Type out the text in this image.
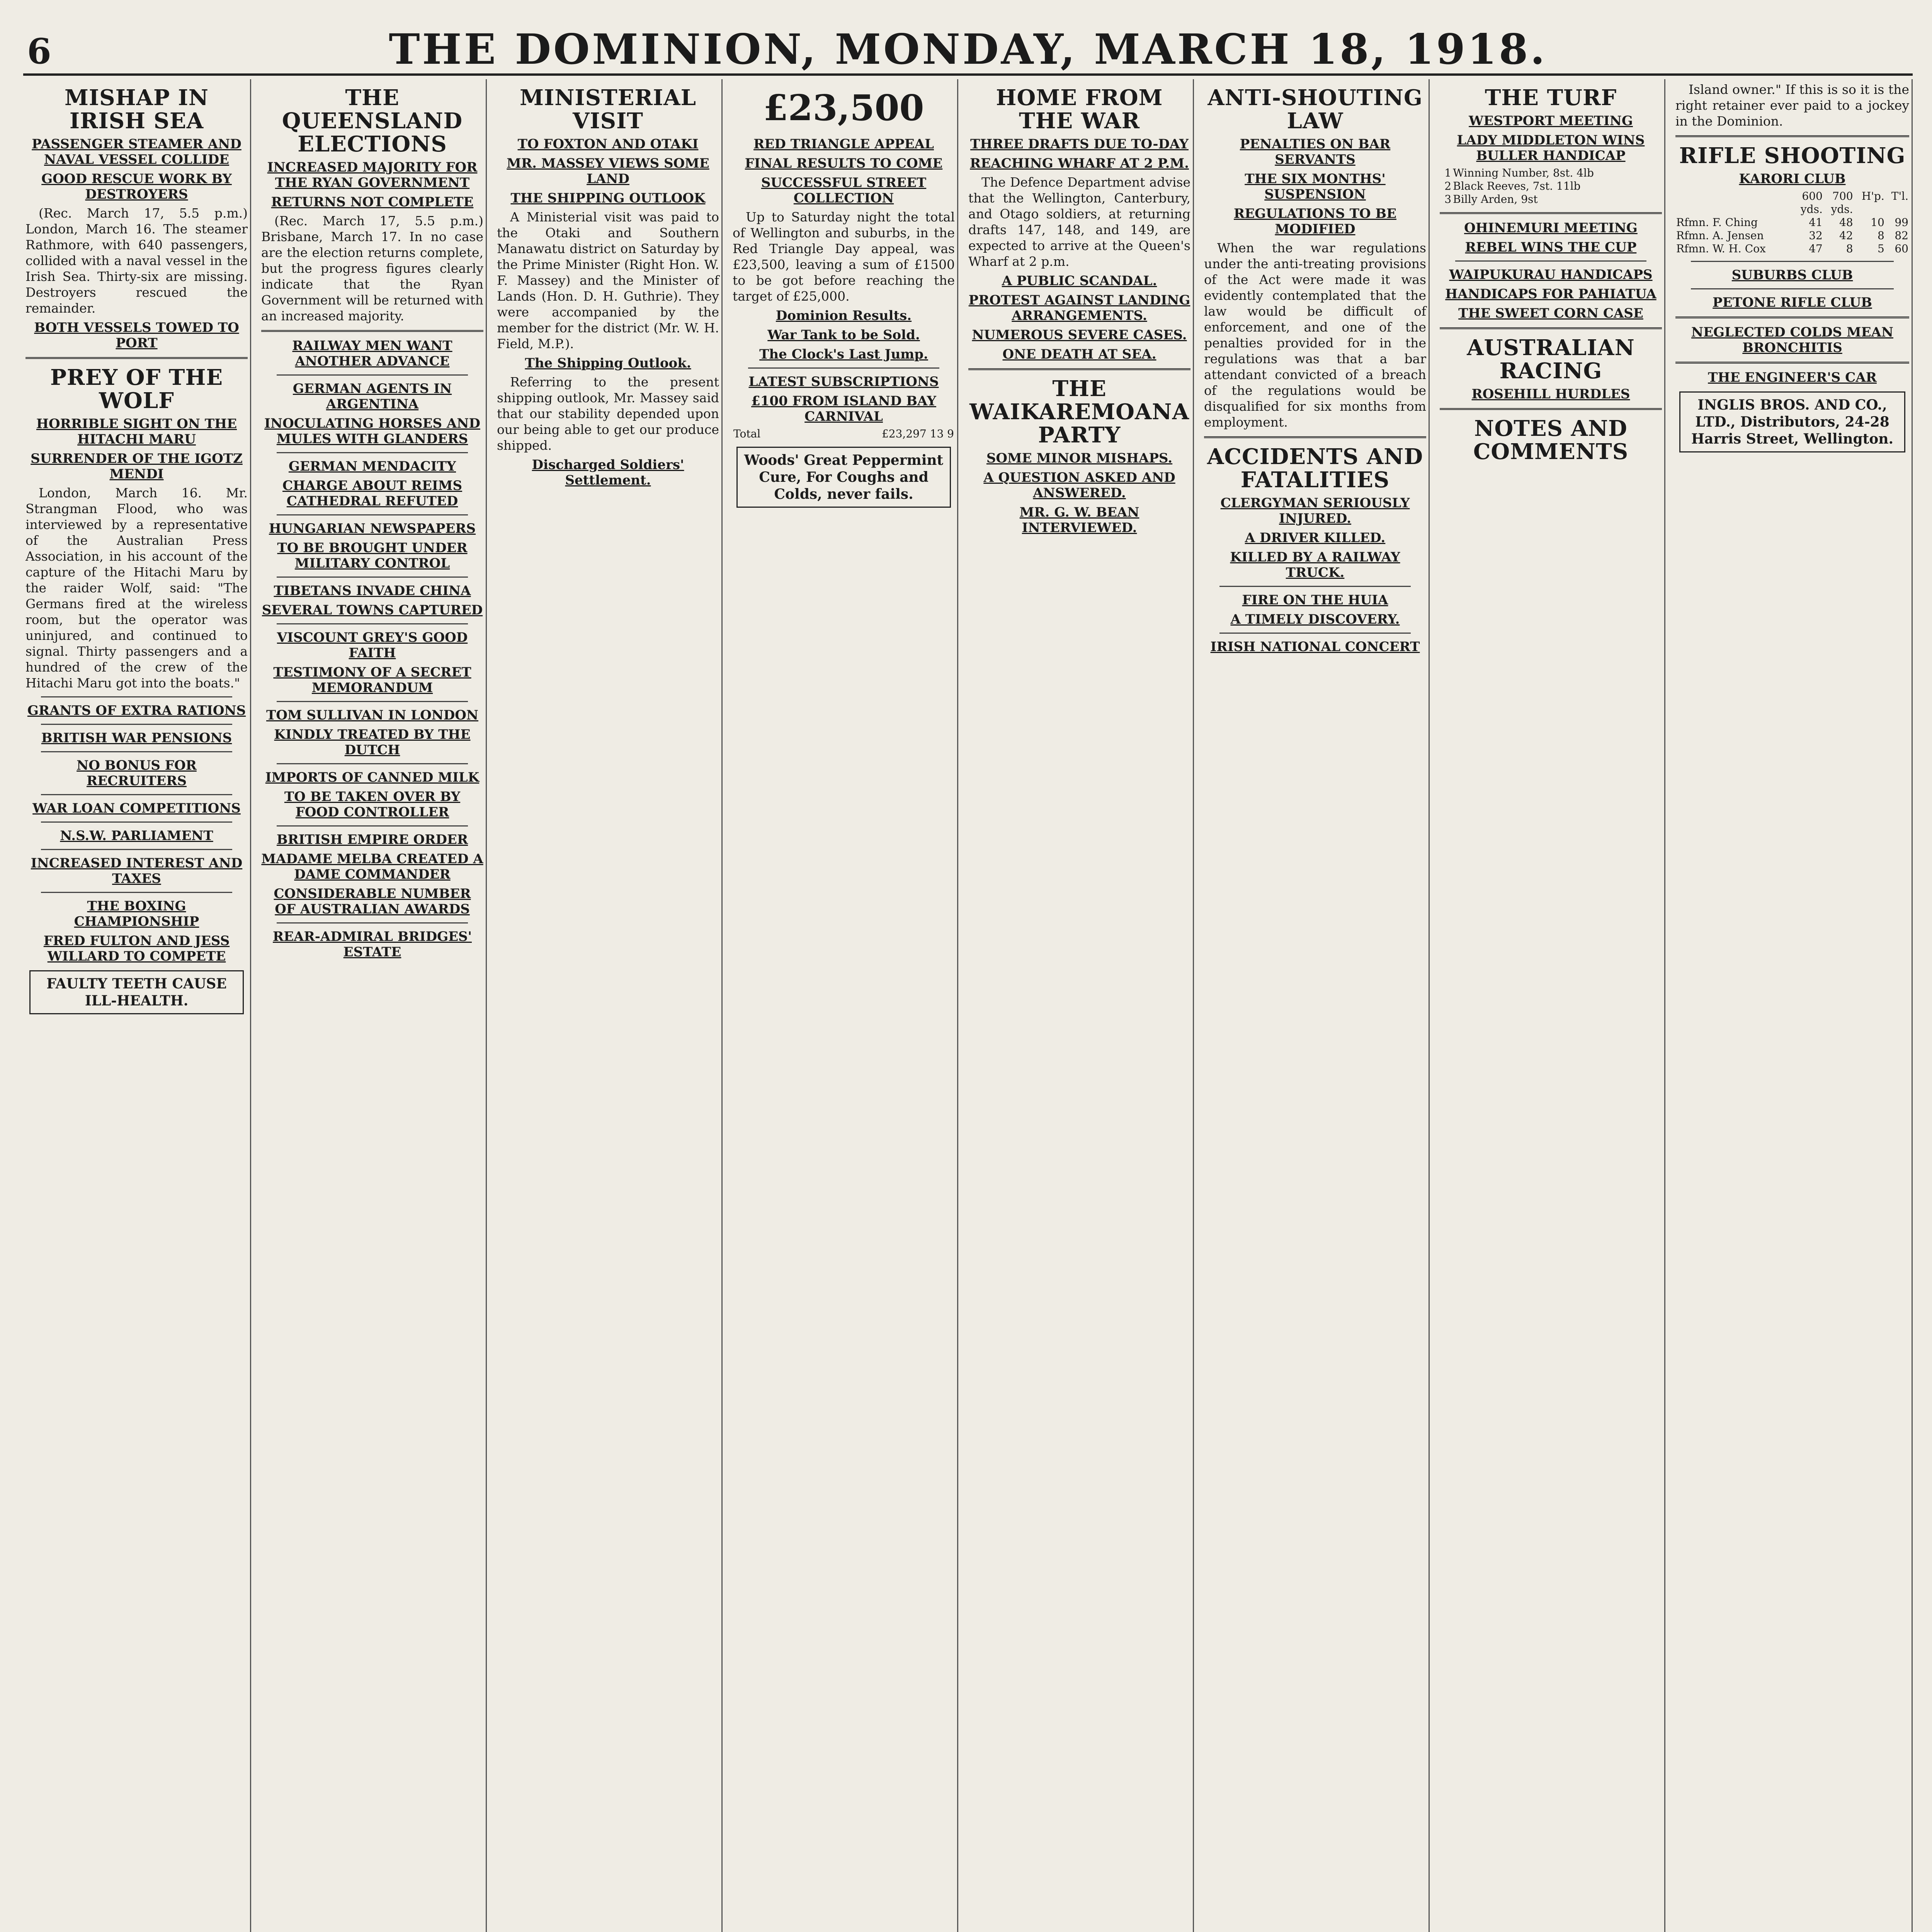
6	THE DOMINION, MONDAY, MARCH 18, 1918.
MISHAP IN IRISH SEA
PASSENGER STEAMER AND NAVAL VESSEL COLLIDE
GOOD RESCUE WORK BY DESTROYERS

(Rec. March 17, 5.5 p.m.) London, March 16. The steamer Rathmore, with 640 passengers, collided with a naval vessel in the Irish Sea. Thirty-six are missing. Destroyers rescued the remainder.

BOTH VESSELS TOWED TO PORT
PREY OF THE WOLF
HORRIBLE SIGHT ON THE HITACHI MARU
SURRENDER OF THE IGOTZ MENDI

London, March 16. Mr. Strangman Flood, who was interviewed by a representative of the Australian Press Association, in his account of the capture of the Hitachi Maru by the raider Wolf, said: "The Germans fired at the wireless room, but the operator was uninjured, and continued to signal. Thirty passengers and a hundred of the crew of the Hitachi Maru got into the boats."

GRANTS OF EXTRA RATIONS
BRITISH WAR PENSIONS
NO BONUS FOR RECRUITERS
WAR LOAN COMPETITIONS
N.S.W. PARLIAMENT
INCREASED INTEREST AND TAXES
THE BOXING CHAMPIONSHIP
FRED FULTON AND JESS WILLARD TO COMPETE
FAULTY TEETH CAUSE ILL-HEALTH.
THE QUEENSLAND ELECTIONS
INCREASED MAJORITY FOR THE RYAN GOVERNMENT
RETURNS NOT COMPLETE

(Rec. March 17, 5.5 p.m.) Brisbane, March 17. In no case are the election returns complete, but the progress figures clearly indicate that the Ryan Government will be returned with an increased majority.

RAILWAY MEN WANT ANOTHER ADVANCE
GERMAN AGENTS IN ARGENTINA
INOCULATING HORSES AND MULES WITH GLANDERS
GERMAN MENDACITY
CHARGE ABOUT REIMS CATHEDRAL REFUTED
HUNGARIAN NEWSPAPERS
TO BE BROUGHT UNDER MILITARY CONTROL
TIBETANS INVADE CHINA
SEVERAL TOWNS CAPTURED
VISCOUNT GREY'S GOOD FAITH
TESTIMONY OF A SECRET MEMORANDUM
TOM SULLIVAN IN LONDON
KINDLY TREATED BY THE DUTCH
IMPORTS OF CANNED MILK
TO BE TAKEN OVER BY FOOD CONTROLLER
BRITISH EMPIRE ORDER
MADAME MELBA CREATED A DAME COMMANDER
CONSIDERABLE NUMBER OF AUSTRALIAN AWARDS
REAR-ADMIRAL BRIDGES' ESTATE
MINISTERIAL VISIT
TO FOXTON AND OTAKI
MR. MASSEY VIEWS SOME LAND
THE SHIPPING OUTLOOK

A Ministerial visit was paid to the Otaki and Southern Manawatu district on Saturday by the Prime Minister (Right Hon. W. F. Massey) and the Minister of Lands (Hon. D. H. Guthrie). They were accompanied by the member for the district (Mr. W. H. Field, M.P.).

The Shipping Outlook.

Referring to the present shipping outlook, Mr. Massey said that our stability depended upon our being able to get our produce shipped.

Discharged Soldiers' Settlement.
£23,500
RED TRIANGLE APPEAL
FINAL RESULTS TO COME
SUCCESSFUL STREET COLLECTION

Up to Saturday night the total of Wellington and suburbs, in the Red Triangle Day appeal, was £23,500, leaving a sum of £1500 to be got before reaching the target of £25,000.

Dominion Results.
War Tank to be Sold.
The Clock's Last Jump.
LATEST SUBSCRIPTIONS
£100 FROM ISLAND BAY CARNIVAL
Total	£23,297 13 9
Woods' Great Peppermint Cure, For Coughs and Colds, never fails.
HOME FROM THE WAR
THREE DRAFTS DUE TO-DAY
REACHING WHARF AT 2 P.M.

The Defence Department advise that the Wellington, Canterbury, and Otago soldiers, at returning drafts 147, 148, and 149, are expected to arrive at the Queen's Wharf at 2 p.m.

A PUBLIC SCANDAL.
PROTEST AGAINST LANDING ARRANGEMENTS.
NUMEROUS SEVERE CASES.
ONE DEATH AT SEA.
THE WAIKAREMOANA PARTY
SOME MINOR MISHAPS.
A QUESTION ASKED AND ANSWERED.
MR. G. W. BEAN INTERVIEWED.
ANTI-SHOUTING LAW
PENALTIES ON BAR SERVANTS
THE SIX MONTHS' SUSPENSION
REGULATIONS TO BE MODIFIED

When the war regulations under the anti-treating provisions of the Act were made it was evidently contemplated that the law would be difficult of enforcement, and one of the penalties provided for in the regulations was that a bar attendant convicted of a breach of the regulations would be disqualified for six months from employment.

ACCIDENTS AND FATALITIES
CLERGYMAN SERIOUSLY INJURED.
A DRIVER KILLED.
KILLED BY A RAILWAY TRUCK.
FIRE ON THE HUIA
A TIMELY DISCOVERY.
IRISH NATIONAL CONCERT
THE TURF
WESTPORT MEETING
LADY MIDDLETON WINS BULLER HANDICAP
1	Winning Number, 8st. 4lb
2	Black Reeves, 7st. 11lb
3	Billy Arden, 9st
OHINEMURI MEETING
REBEL WINS THE CUP
WAIPUKURAU HANDICAPS
HANDICAPS FOR PAHIATUA
THE SWEET CORN CASE
AUSTRALIAN RACING
ROSEHILL HURDLES
NOTES AND COMMENTS

Island owner." If this is so it is the right retainer ever paid to a jockey in the Dominion.

RIFLE SHOOTING
KARORI CLUB
	600	700	H'p.	T'l.
	yds.	yds.		
Rfmn. F. Ching	41	48	10	99
Rfmn. A. Jensen	32	42	8	82
Rfmn. W. H. Cox	47	8	5	60
SUBURBS CLUB
PETONE RIFLE CLUB
NEGLECTED COLDS MEAN BRONCHITIS
THE ENGINEER'S CAR
INGLIS BROS. AND CO., LTD., Distributors, 24-28 Harris Street, Wellington.
